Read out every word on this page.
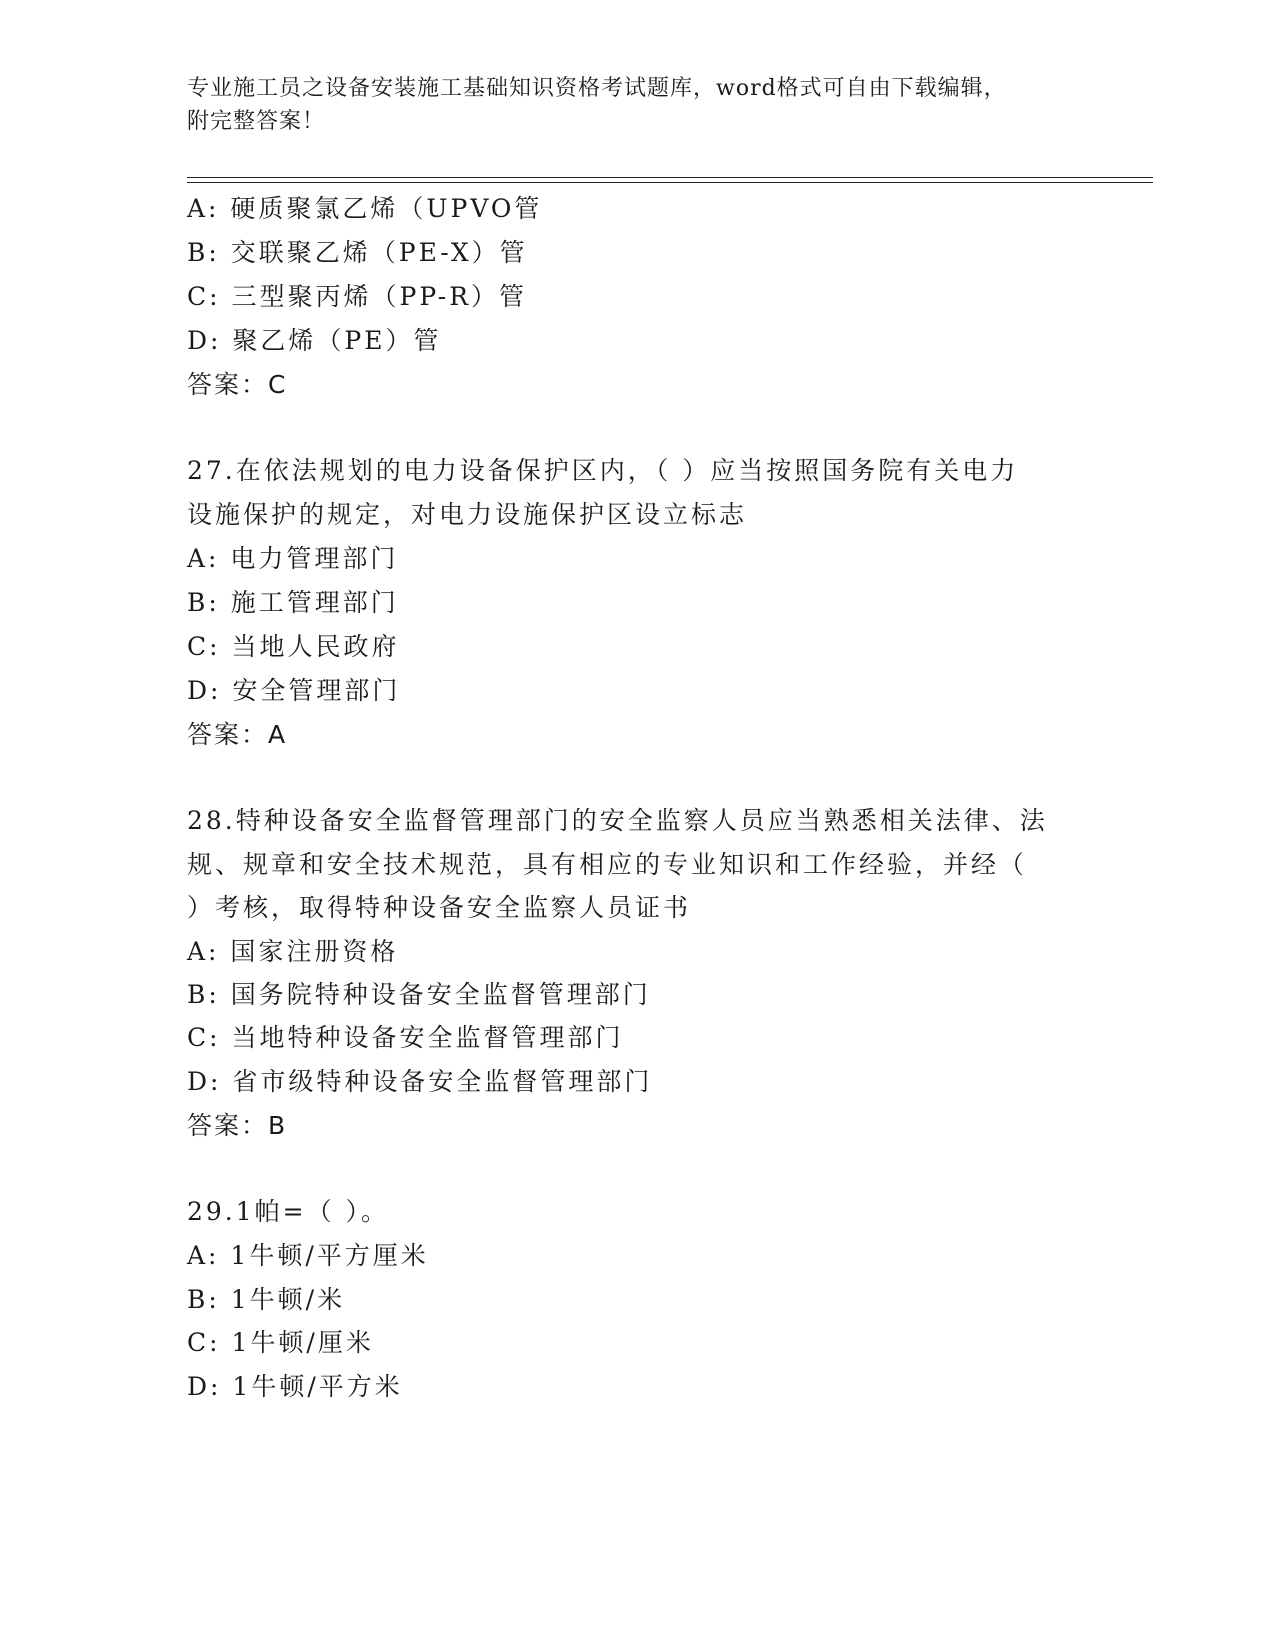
专业施工员之设备安装施工基础知识资格考试题库，word格式可自由下载编辑，
附完整答案！
A: 硬质聚氯乙烯（UPVO管
B: 交联聚乙烯（PE-X）管
C: 三型聚丙烯（PP-R）管
D: 聚乙烯（PE）管
答案：C
27.在依法规划的电力设备保护区内，（ ）应当按照国务院有关电力
设施保护的规定，对电力设施保护区设立标志
A: 电力管理部门
B: 施工管理部门
C: 当地人民政府
D: 安全管理部门
答案：A
28.特种设备安全监督管理部门的安全监察人员应当熟悉相关法律、法
规、规章和安全技术规范，具有相应的专业知识和工作经验，并经（
）考核，取得特种设备安全监察人员证书
A: 国家注册资格
B: 国务院特种设备安全监督管理部门
C: 当地特种设备安全监督管理部门
D: 省市级特种设备安全监督管理部门
答案：B
29.1帕=（ ）。
A: 1牛顿/平方厘米
B: 1牛顿/米
C: 1牛顿/厘米
D: 1牛顿/平方米
